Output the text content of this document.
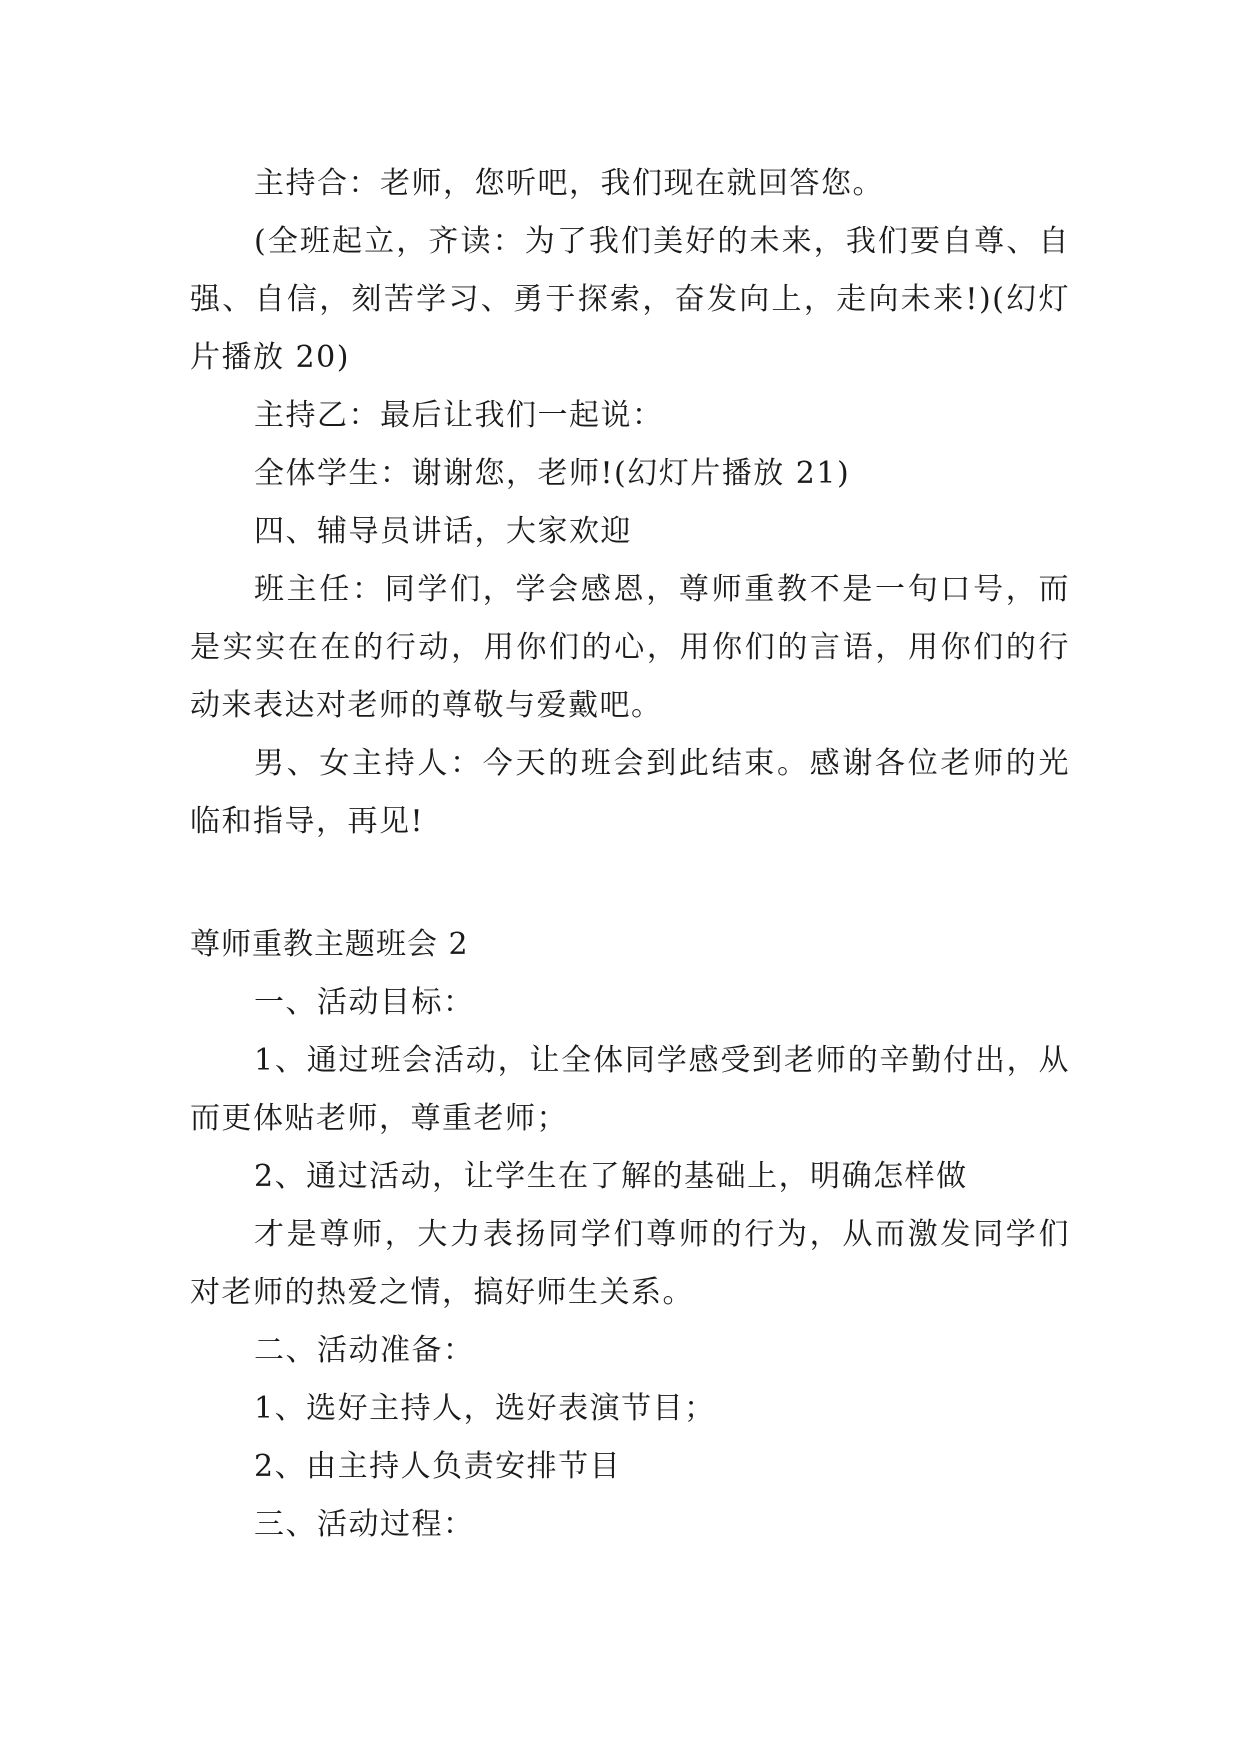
主持合：老师，您听吧，我们现在就回答您。

(全班起立，齐读：为了我们美好的未来，我们要自尊、自强、自信，刻苦学习、勇于探索，奋发向上，走向未来!)(幻灯片播放 20)

主持乙：最后让我们一起说：

全体学生：谢谢您，老师!(幻灯片播放 21)

四、辅导员讲话，大家欢迎

班主任：同学们，学会感恩，尊师重教不是一句口号，而是实实在在的行动，用你们的心，用你们的言语，用你们的行动来表达对老师的尊敬与爱戴吧。

男、女主持人：今天的班会到此结束。感谢各位老师的光临和指导，再见!

尊师重教主题班会 2

一、活动目标：

1、通过班会活动，让全体同学感受到老师的辛勤付出，从而更体贴老师，尊重老师；

2、通过活动，让学生在了解的基础上，明确怎样做

才是尊师，大力表扬同学们尊师的行为，从而激发同学们对老师的热爱之情，搞好师生关系。

二、活动准备：

1、选好主持人，选好表演节目；

2、由主持人负责安排节目

三、活动过程：
